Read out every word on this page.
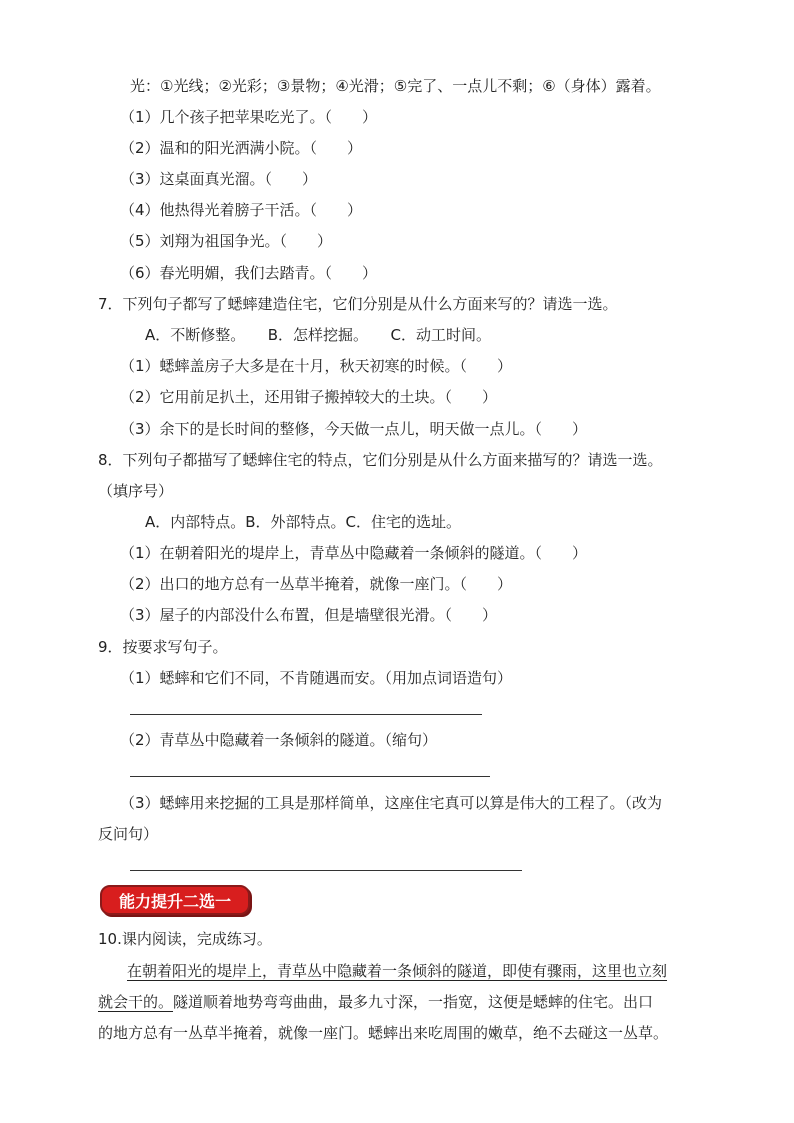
光：①光线；②光彩；③景物；④光滑；⑤完了、一点儿不剩；⑥（身体）露着。
（1）几个孩子把苹果吃光了。（　　）
（2）温和的阳光洒满小院。（　　）
（3）这桌面真光溜。（　　）
（4）他热得光着膀子干活。（　　）
（5）刘翔为祖国争光。（　　）
（6）春光明媚，我们去踏青。（　　）
7．下列句子都写了蟋蟀建造住宅，它们分别是从什么方面来写的？请选一选。
A．不断修整。　　B．怎样挖掘。　　C．动工时间。
（1）蟋蟀盖房子大多是在十月，秋天初寒的时候。（　　）
（2）它用前足扒土，还用钳子搬掉较大的土块。（　　）
（3）余下的是长时间的整修，今天做一点儿，明天做一点儿。（　　）
8．下列句子都描写了蟋蟀住宅的特点，它们分别是从什么方面来描写的？请选一选。
（填序号）
A．内部特点。B．外部特点。C．住宅的选址。
（1）在朝着阳光的堤岸上，青草丛中隐藏着一条倾斜的隧道。（　　）
（2）出口的地方总有一丛草半掩着，就像一座门。（　　）
（3）屋子的内部没什么布置，但是墙壁很光滑。（　　）
9．按要求写句子。
（1）蟋蟀和它们不同，不肯随遇而安。（用加点词语造句）
（2）青草丛中隐藏着一条倾斜的隧道。（缩句）
（3）蟋蟀用来挖掘的工具是那样简单，这座住宅真可以算是伟大的工程了。（改为
反问句）
能力提升二选一
10.课内阅读，完成练习。
在朝着阳光的堤岸上，青草丛中隐藏着一条倾斜的隧道，即使有骤雨，这里也立刻
就会干的。隧道顺着地势弯弯曲曲，最多九寸深，一指宽，这便是蟋蟀的住宅。出口
的地方总有一丛草半掩着，就像一座门。蟋蟀出来吃周围的嫩草，绝不去碰这一丛草。
